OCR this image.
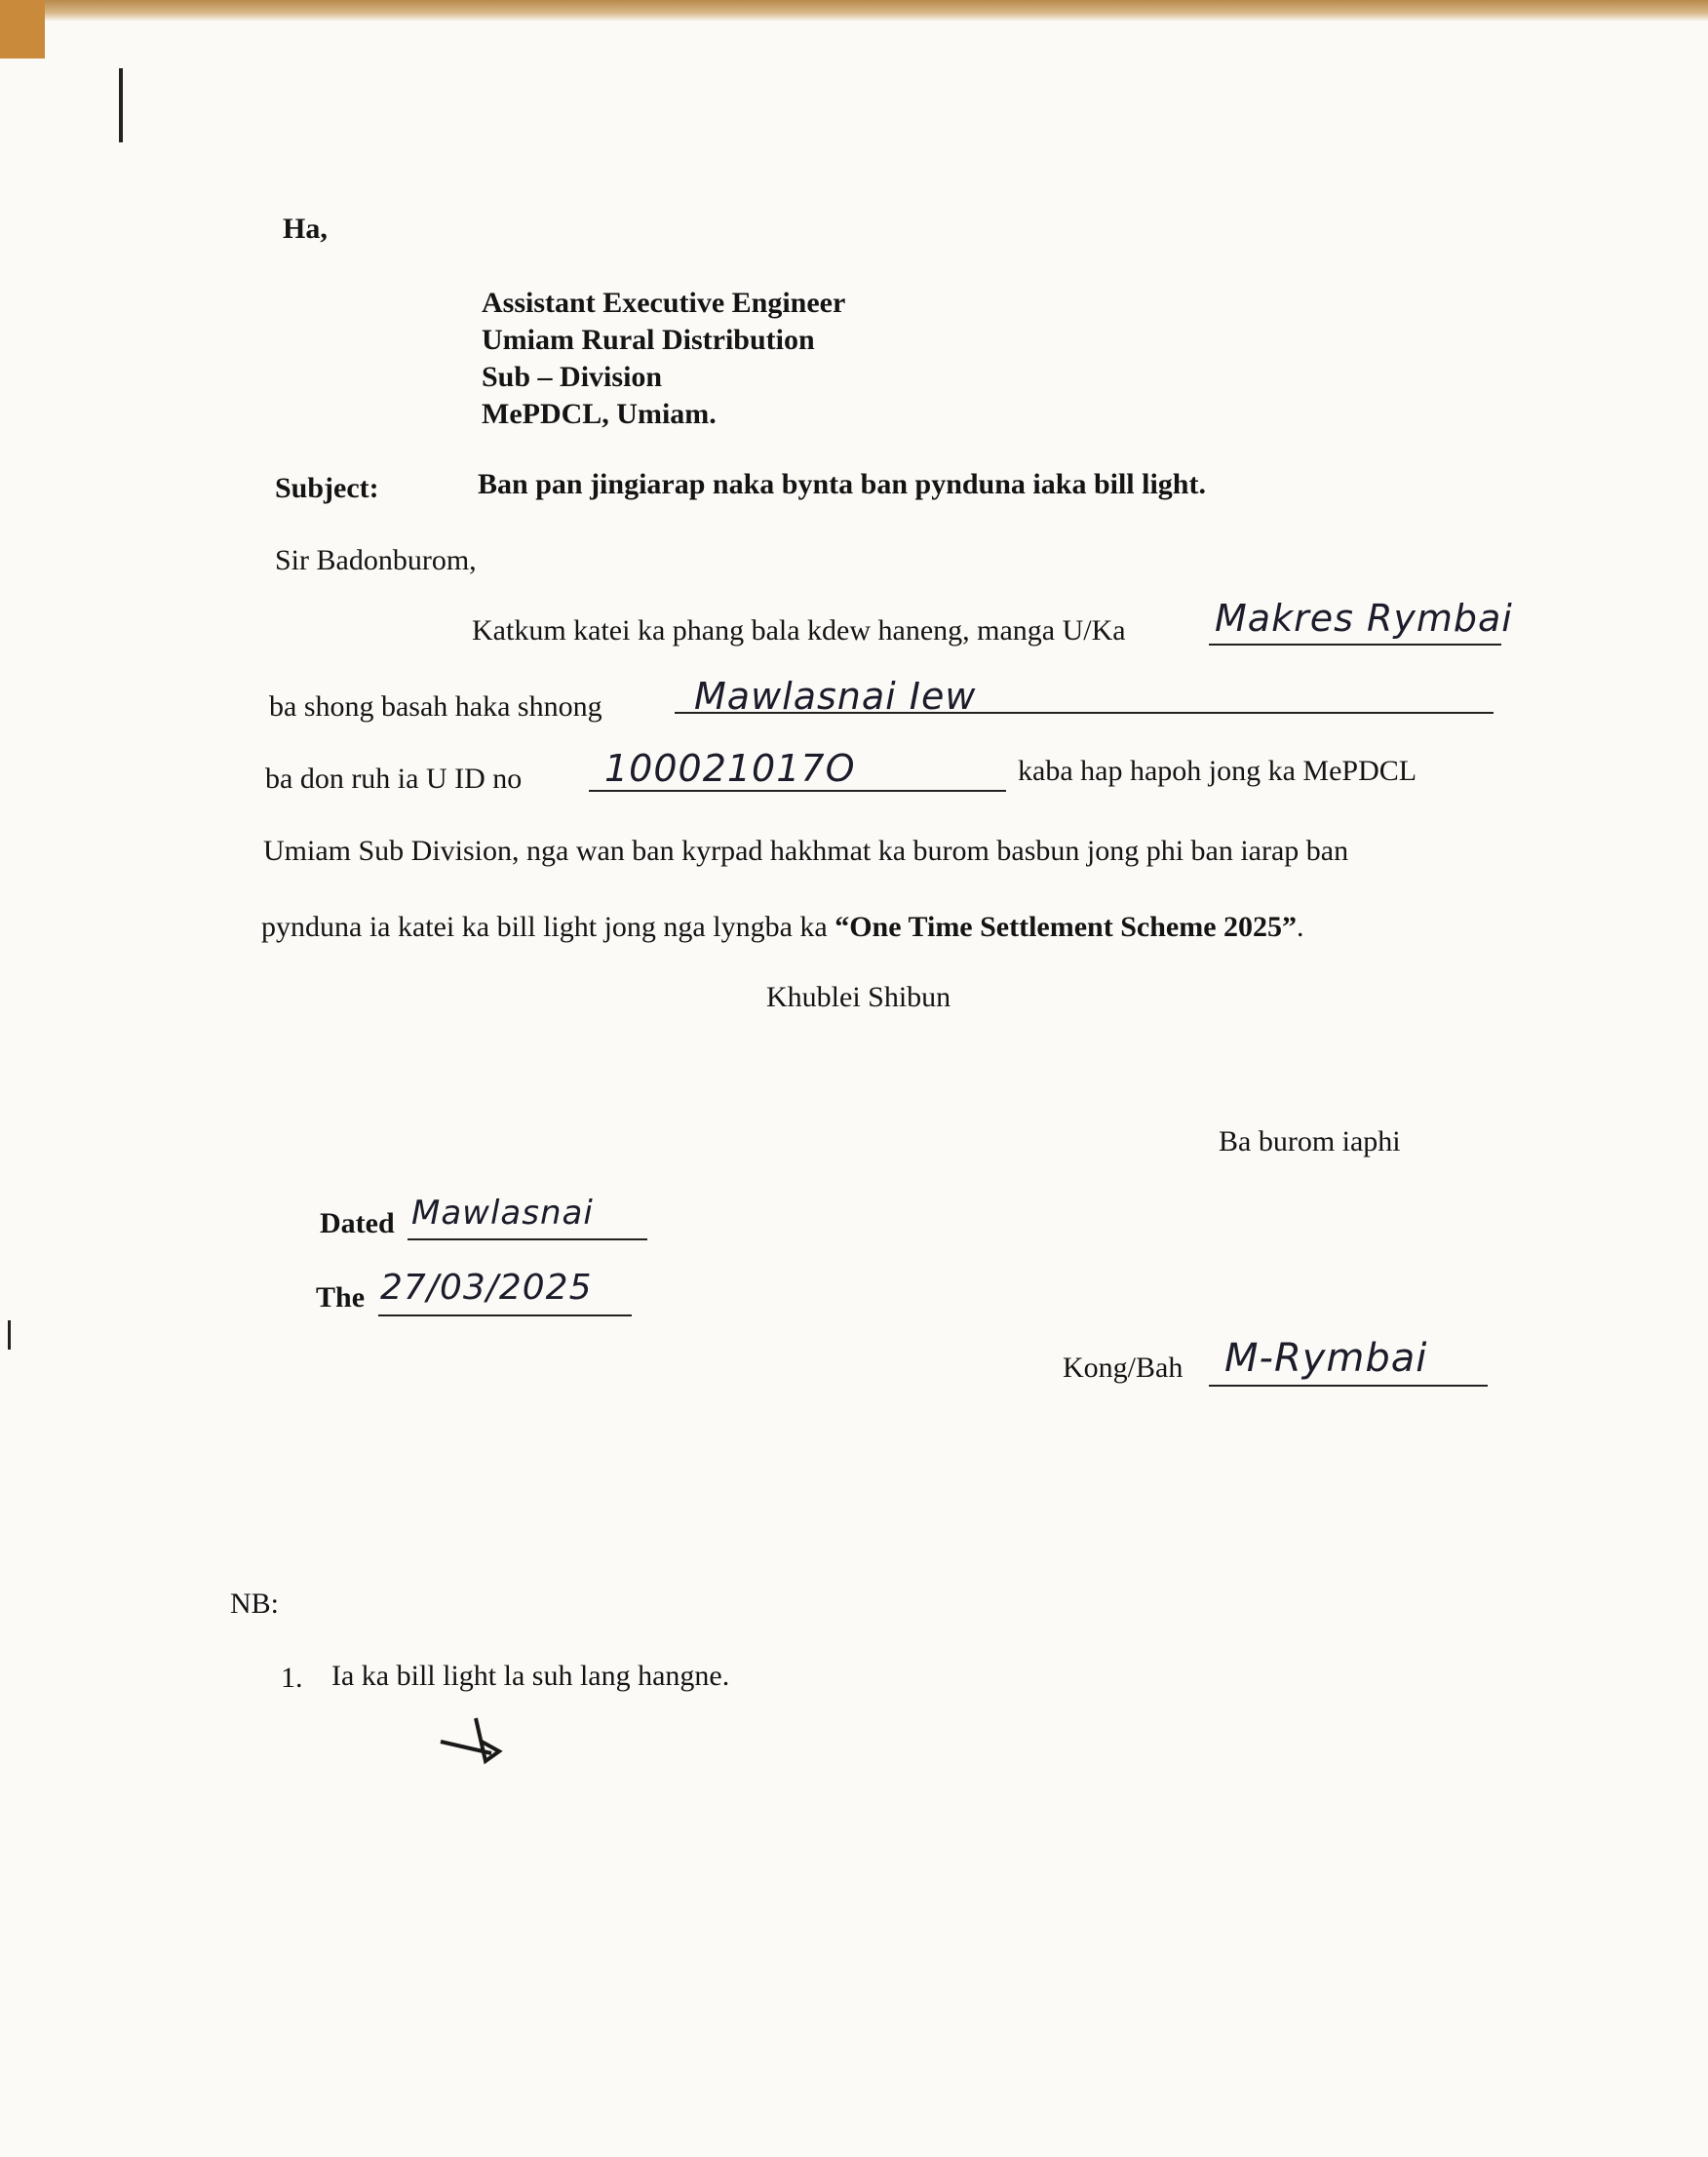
Ha,
Assistant Executive Engineer
Umiam Rural Distribution
Sub – Division
MePDCL, Umiam.
Subject:	Ban pan jingiarap naka bynta ban pynduna iaka bill light.
Sir Badonburom,
Katkum katei ka phang bala kdew haneng, manga U/Ka Makres Rymbai
ba shong basah haka shnong Mawlasnai Iew
ba don ruh ia U ID no 100021017O	kaba hap hapoh jong ka MePDCL
Umiam Sub Division, nga wan ban kyrpad hakhmat ka burom basbun jong phi ban iarap ban
pynduna ia katei ka bill light jong nga lyngba ka “One Time Settlement Scheme 2025”.
Khublei Shibun
Ba burom iaphi
Dated Mawlasnai
The 27/03/2025
Kong/Bah M-Rymbai
NB:
1. Ia ka bill light la suh lang hangne.
